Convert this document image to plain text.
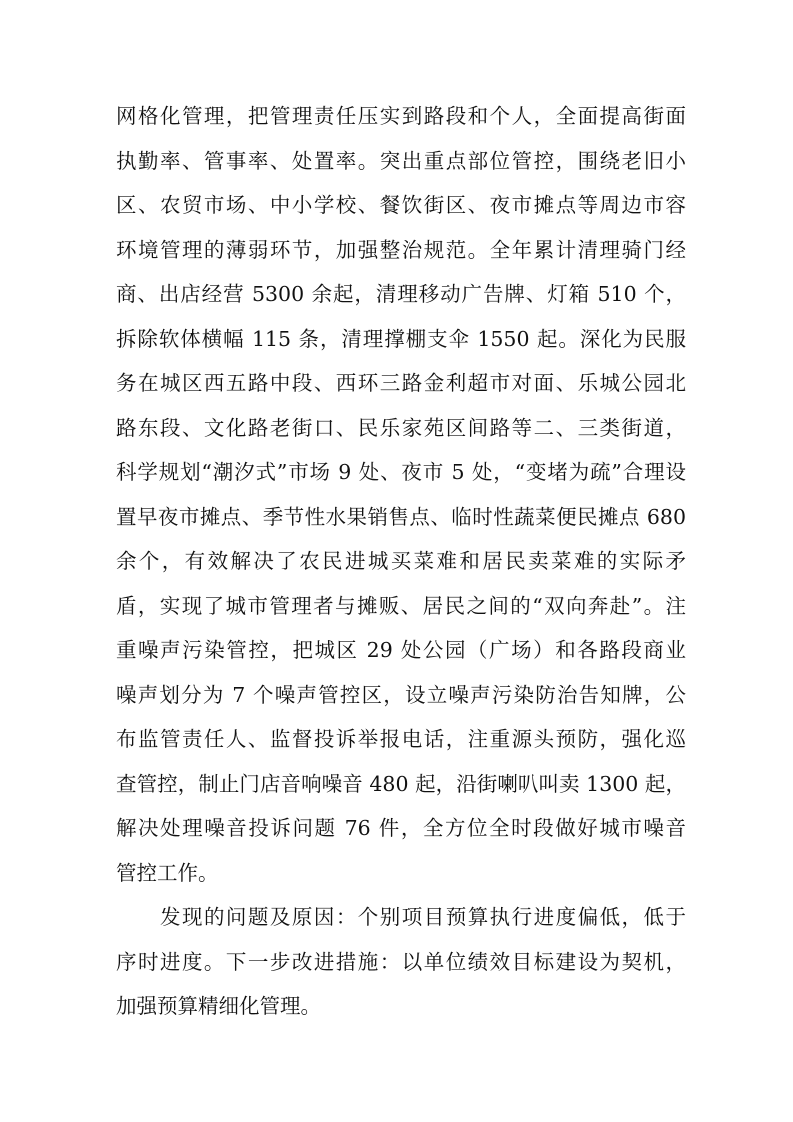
网格化管理，把管理责任压实到路段和个人，全面提高街面
执勤率、管事率、处置率。突出重点部位管控，围绕老旧小
区、农贸市场、中小学校、餐饮街区、夜市摊点等周边市容
环境管理的薄弱环节，加强整治规范。全年累计清理骑门经
商、出店经营 5300 余起，清理移动广告牌、灯箱 510 个，
拆除软体横幅 115 条，清理撑棚支伞 1550 起。深化为民服
务在城区西五路中段、西环三路金利超市对面、乐城公园北
路东段、文化路老街口、民乐家苑区间路等二、三类街道，
科学规划“潮汐式”市场 9 处、夜市 5 处，“变堵为疏”合理设
置早夜市摊点、季节性水果销售点、临时性蔬菜便民摊点 680
余个，有效解决了农民进城买菜难和居民卖菜难的实际矛
盾，实现了城市管理者与摊贩、居民之间的“双向奔赴”。注
重噪声污染管控，把城区 29 处公园（广场）和各路段商业
噪声划分为 7 个噪声管控区，设立噪声污染防治告知牌，公
布监管责任人、监督投诉举报电话，注重源头预防，强化巡
查管控，制止门店音响噪音 480 起，沿街喇叭叫卖 1300 起，
解决处理噪音投诉问题 76 件，全方位全时段做好城市噪音
管控工作。
发现的问题及原因：个别项目预算执行进度偏低，低于
序时进度。下一步改进措施：以单位绩效目标建设为契机，
加强预算精细化管理。
